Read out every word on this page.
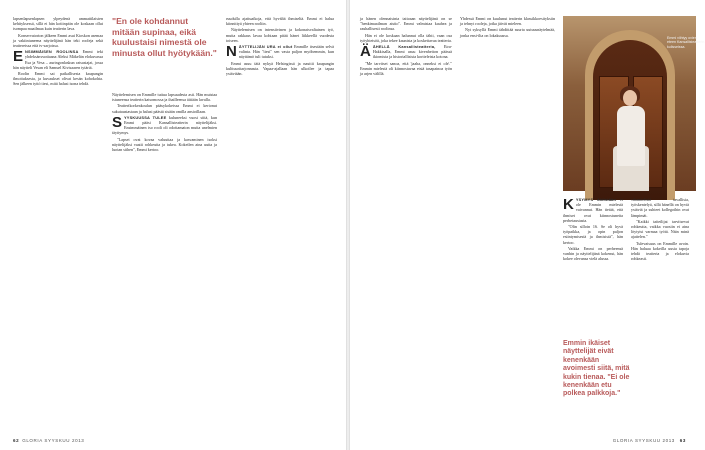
lapsenlapsenlapsen ylpeydenä ammattilaisten kehityksessä, sillä ei hän kotiinpäin ole koskaan ollut isompaa maailmaa kuin teatterin lava.

Konservatorion jälkeen Emmi asui Kioskon asemaa ja vakiintuneena näyttelijänä hän teki rooleja sekä teattereissa että tv-sarjoissa.

ENSIMMÄISEN ROOLINSA Emmi teki yhdeksänvuotiaana Aleksi Mäkelän elokuvassa Esa ja Vesa – auringonlaskun ratsastajat, jossa hän näytteli Vesan eli Samuel Kivisaaren tytärtä.

Roolin Emmi sai paikallisesta kaupungin ilmoituksesta, ja kuvaukset olivat kesän kohokohta. Sen jälkeen tyttö tiesi, mitä halusi isona tehdä.

"En ole kohdannut mitään supinaa, eikä kuulustaisi nimestä ole minusta ollut hyötykään."

Näyttelemisen on Emmille tuttua lapsuudesta asti. Hän muistaa istuneensa teatterin katsomossa ja ihailleensa äitiään lavalla.

Teatterikorkeakoulun pääsykokeissa Emmi ei kertonut sukutaustastaan ja halusi päästä sisään omilla ansioillaan.

SYYSKUUSSA TULEE kuluneeksi vuosi siitä, kun Emmi pääsi Kansallisteatterin näyttelijäksi. Ensimmäinen iso rooli oli odottamaton mutta unelmien täyttymys.

"Lapset ovat kovaa valuuttaa ja kasvaminen isoksi näyttelijäksi vaatii rohkeutta ja tukea. Kokeilen aina uutta ja luotan siihen", Emmi kertoo.

ruudulla ajattuaikoja, että hyvältä ihmiseltä. Emmi ei halua kiinnittyä yhteen rooliin.

Näyttelemisen on intensiivinen ja kokonaisvaltainen työ, mutta rakkaus lavaa kohtaan pitää hänet liikkeellä vuodesta toiseen.

NÄYTTELIJÄN URA ei ollut Emmille itsestään selvä valinta. Hän "tiesi" sen vasta paljon myöhemmin, kun näyttämö tuli tutuksi.

Emmi asuu tätä nykyä Helsingissä ja nauttii kaupungin kulttuuritarjonnasta. Vapaa-ajallaan hän ulkoilee ja tapaa ystäviään.

62 GLORIA SYYSKUU 2013

ja hänen olennaisinta taitoaan näyttelijänä on se "henkimaailman aistio". Emmi valmistaa kauhea ja rauhallisesti roolinsa.

Hän ei ole koskaan halunnut olla tähti, vaan osa työyhteisöä, joka tekee kaunista ja koskettavaa teatteria.

ÄÄHELLÄ Kansallisteatteria, Eira-Hakkisalla, Emmi asuu kivenheiton päässä ikiomista ja historiallisista kortteleista kotona.

"Me tarvitset sanoa, että 'jaaha, onneksi ei ole'." Emmin mielestä oli kiinnostavaa etsiä tasapainoa työn ja arjen välillä.

Yhdessä Emmi on kuulunut teatterin klassikkoesityksiin ja tehnyt rooleja, jotka jäivät mieleen.

Nyt syksyllä Emmi tähdittää suurta uutuusnäytelmää, jonka ensi-ilta on lokakuussa.

Emmi viihtyy ovien eteen Kansallisteatterin kulisseissa.

KYSYMYS äidistään ei ole Emmin mielestä vaivannut. Hän tietää, että ihmiset ovat kiinnostuneita perhetaustasta.

"Olin silloin 16. Se oli hyvä työpaikka, ja opin paljon esiintymisestä ja ihmisistä", hän kertoo.

Vaikka Emmi on perheensä vanhin ja näyttelijänä kokenut, hän kokee olevansa vielä alussa.

Emmin ikäiset näyttelijät eivät kenenkään avoimesti siitä, mitä kukin tienaa. "Ei ole kenenkään etu polkea palkkoja."

vihamielisiä tavallisia, työskentelyä, sillä hänellä on hyviä ystäviä ja suhteet kollegoihin ovat lämpimät.

"Kaikki taiteilijat tarvitsevat rohkeutta, vaikka vuosiin ei aina löytyisi varmaa työtä. Näin minä ajattelen."

Tulevaisuus on Emmille avoin. Hän haluaa kokeilla uusia tapoja tehdä teatteria ja elokuvia rohkeasti.

GLORIA SYYSKUU 2013 63
